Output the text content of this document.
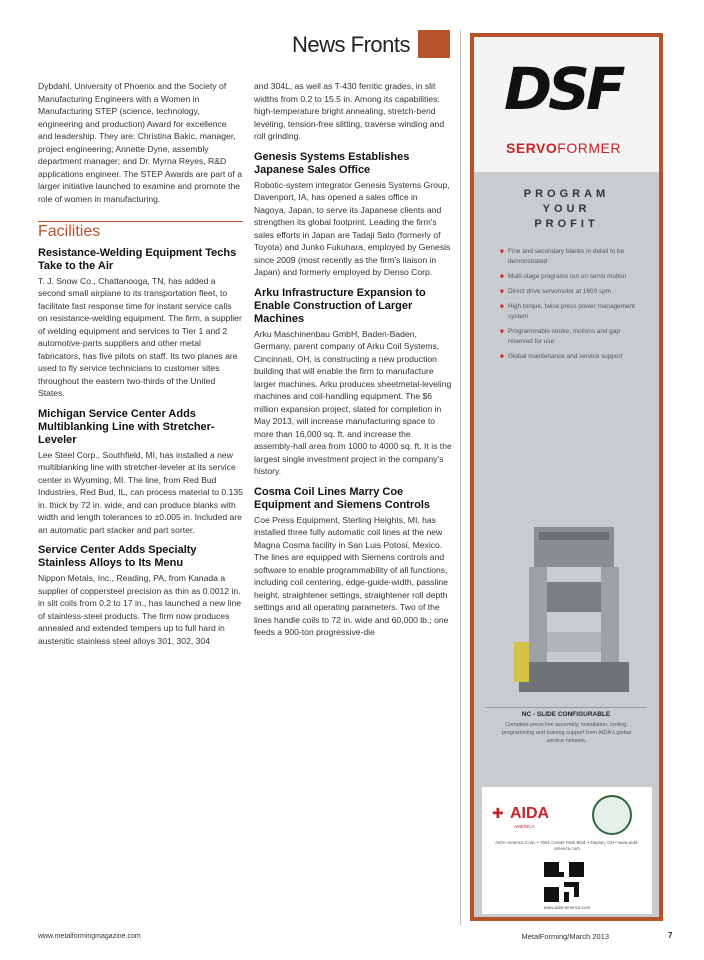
News Fronts

Dybdahl, University of Phoenix and the Society of Manufacturing Engineers with a Women in Manufacturing STEP (science, technology, engineering and production) Award for excellence and leadership. They are: Christina Bakic, manager, project engineering; Annette Dyne, assembly department manager; and Dr. Myrna Reyes, R&D applications engineer. The STEP Awards are part of a larger initiative launched to examine and promote the role of women in manufacturing.

Facilities
Resistance-Welding Equipment Techs Take to the Air

T. J. Snow Co., Chattanooga, TN, has added a second small airplane to its transportation fleet, to facilitate fast response time for instant service calls on resistance-welding equipment. The firm, a supplier of welding equipment and services to Tier 1 and 2 automotive-parts suppliers and other metal fabricators, has five pilots on staff. Its two planes are used to fly service technicians to customer sites throughout the eastern two-thirds of the United States.

Michigan Service Center Adds Multiblanking Line with Stretcher-Leveler

Lee Steel Corp., Southfield, MI, has installed a new multiblanking line with stretcher-leveler at its service center in Wyoming, MI. The line, from Red Bud Industries, Red Bud, IL, can process material to 0.135 in. thick by 72 in. wide, and can produce blanks with width and length tolerances to ±0.005 in. Included are an automatic part stacker and part sorter.

Service Center Adds Specialty Stainless Alloys to Its Menu

Nippon Metals, Inc., Reading, PA, from Kanada a supplier of coppersteel precision as thin as 0.0012 in. in slit coils from 0.2 to 17 in., has launched a new line of stainless-steel products. The firm now produces annealed and extended tempers up to full hard in austenitic stainless steel alloys 301, 302, 304

and 304L, as well as T-430 ferritic grades, in slit widths from 0.2 to 15.5 in. Among its capabilities: high-temperature bright annealing, stretch-bend leveling, tension-free slitting, traverse winding and roll grinding.

Genesis Systems Establishes Japanese Sales Office

Robotic-system integrator Genesis Systems Group, Davenport, IA, has opened a sales office in Nagoya, Japan, to serve its Japanese clients and strengthen its global footprint. Leading the firm's sales efforts in Japan are Tadaji Sato (formerly of Toyota) and Junko Fukuhara, employed by Genesis since 2009 (most recently as the firm's liaison in Japan) and formerly employed by Denso Corp.

Arku Infrastructure Expansion to Enable Construction of Larger Machines

Arku Maschinenbau GmbH, Baden-Baden, Germany, parent company of Arku Coil Systems, Cincinnati, OH, is constructing a new production building that will enable the firm to manufacture larger machines. Arku produces sheetmetal-leveling machines and coil-handling equipment. The $6 million expansion project, slated for completion in May 2013, will increase manufacturing space to more than 16,000 sq. ft. and increase the assembly-hall area from 1000 to 4000 sq. ft. It is the largest single investment project in the company's history.

Cosma Coil Lines Marry Coe Equipment and Siemens Controls

Coe Press Equipment, Sterling Heights, MI, has installed three fully automatic coil lines at the new Magna Cosma facility in San Luis Potosí, Mexico. The lines are equipped with Siemens controls and software to enable programmability of all functions, including coil centering, edge-guide-width, passline height, straightener settings, straightener roll depth settings and all operating parameters. Two of the lines handle coils to 72 in. wide and 60,000 lb.; one feeds a 900-ton progressive-die

DSF
SERVOFORMER
PROGRAM
YOUR
PROFIT
■ Fine and secondary blanks in detail to be demonstrated
■ Multi-stage programs run on servo motion
■ Direct drive servomotor at 1600 spm
■ High torque, twice press power management system
■ Programmable stroke, motions and gap reserved for use
■ Global maintenance and service support
NC - SLIDE CONFIGURABLE
Complete press line assembly, installation, tooling, programming and training support from AIDA's global service network.
✚ AIDA
AMERICA
AIDA-America Corp. • 7661 Center Park Blvd. • Dayton, OH • www.aida-america.com
www.aida-america.com
www.metalformingmagazine.com	MetalForming/March 2013	7
